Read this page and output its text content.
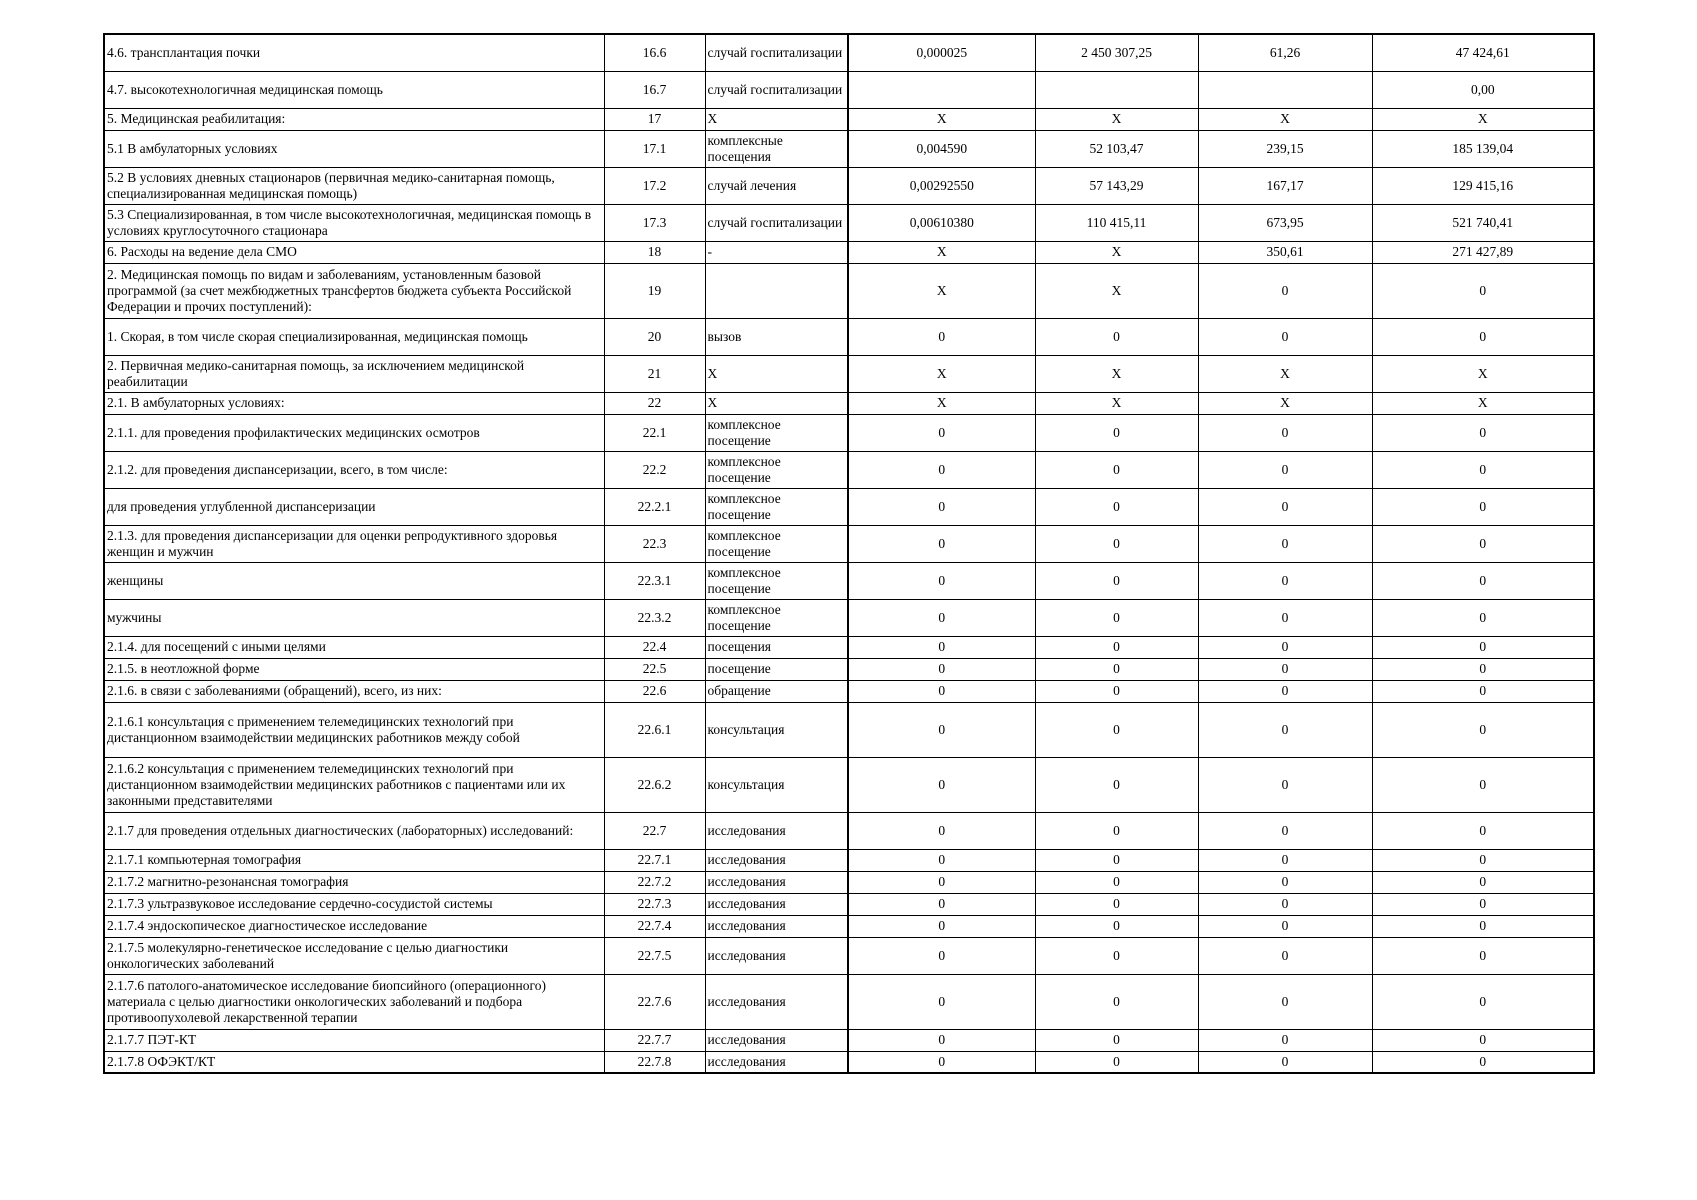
4.6. трансплантация почки	16.6	случай госпитализации	0,000025	2 450 307,25	61,26	47 424,61
4.7. высокотехнологичная медицинская помощь	16.7	случай госпитализации				0,00
5. Медицинская реабилитация:	17	Х	Х	Х	Х	Х
5.1 В амбулаторных условиях	17.1	комплексные посещения	0,004590	52 103,47	239,15	185 139,04
5.2 В условиях дневных стационаров (первичная медико-санитарная помощь, специализированная медицинская помощь)	17.2	случай лечения	0,00292550	57 143,29	167,17	129 415,16
5.3 Специализированная, в том числе высокотехнологичная, медицинская помощь в условиях круглосуточного стационара	17.3	случай госпитализации	0,00610380	110 415,11	673,95	521 740,41
6. Расходы на ведение дела СМО	18	-	Х	Х	350,61	271 427,89
2. Медицинская помощь по видам и заболеваниям, установленным базовой программой (за счет межбюджетных трансфертов бюджета субъекта Российской Федерации и прочих поступлений):	19		Х	Х	0	0
1. Скорая, в том числе скорая специализированная, медицинская помощь	20	вызов	0	0	0	0
2. Первичная медико-санитарная помощь, за исключением медицинской реабилитации	21	Х	Х	Х	Х	Х
2.1. В амбулаторных условиях:	22	Х	Х	Х	Х	Х
2.1.1. для проведения профилактических медицинских осмотров	22.1	комплексное посещение	0	0	0	0
2.1.2. для проведения диспансеризации, всего, в том числе:	22.2	комплексное посещение	0	0	0	0
для проведения углубленной диспансеризации	22.2.1	комплексное посещение	0	0	0	0
2.1.3. для проведения диспансеризации для оценки репродуктивного здоровья женщин и мужчин	22.3	комплексное посещение	0	0	0	0
женщины	22.3.1	комплексное посещение	0	0	0	0
мужчины	22.3.2	комплексное посещение	0	0	0	0
2.1.4. для посещений с иными целями	22.4	посещения	0	0	0	0
2.1.5. в неотложной форме	22.5	посещение	0	0	0	0
2.1.6. в связи с заболеваниями (обращений), всего, из них:	22.6	обращение	0	0	0	0
2.1.6.1 консультация с применением телемедицинских технологий при дистанционном взаимодействии медицинских работников между собой	22.6.1	консультация	0	0	0	0
2.1.6.2 консультация с применением телемедицинских технологий при дистанционном взаимодействии медицинских работников с пациентами или их законными представителями	22.6.2	консультация	0	0	0	0
2.1.7 для проведения отдельных диагностических (лабораторных) исследований:	22.7	исследования	0	0	0	0
2.1.7.1 компьютерная томография	22.7.1	исследования	0	0	0	0
2.1.7.2 магнитно-резонансная томография	22.7.2	исследования	0	0	0	0
2.1.7.3 ультразвуковое исследование сердечно-сосудистой системы	22.7.3	исследования	0	0	0	0
2.1.7.4 эндоскопическое диагностическое исследование	22.7.4	исследования	0	0	0	0
2.1.7.5 молекулярно-генетическое исследование с целью диагностики онкологических заболеваний	22.7.5	исследования	0	0	0	0
2.1.7.6 патолого-анатомическое исследование биопсийного (операционного) материала с целью диагностики онкологических заболеваний и подбора противоопухолевой лекарственной терапии	22.7.6	исследования	0	0	0	0
2.1.7.7 ПЭТ-КТ	22.7.7	исследования	0	0	0	0
2.1.7.8 ОФЭКТ/КТ	22.7.8	исследования	0	0	0	0
